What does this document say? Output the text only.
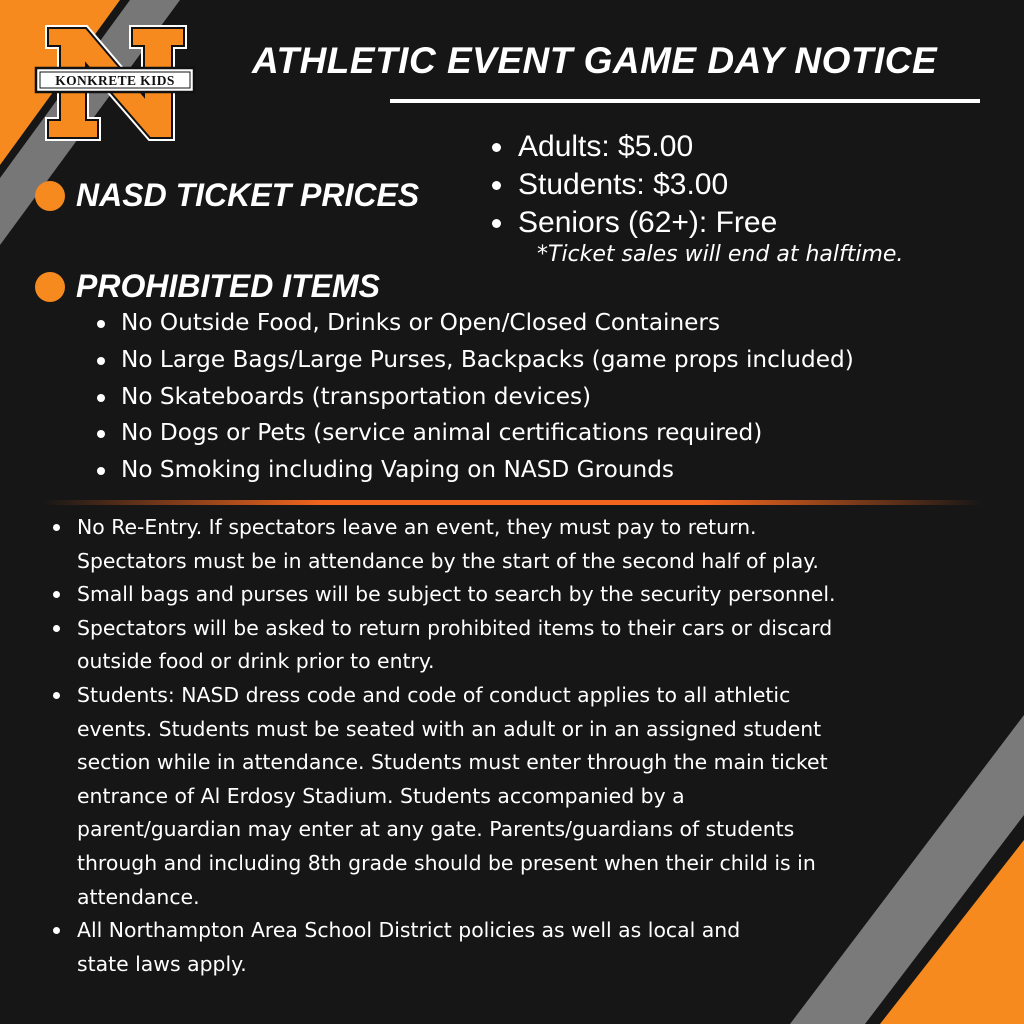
KONKRETE KIDS ATHLETIC EVENT GAME DAY NOTICE
NASD TICKET PRICES
Adults: $5.00
Students: $3.00
Seniors (62+): Free
*Ticket sales will end at halftime.
PROHIBITED ITEMS
No Outside Food, Drinks or Open/Closed Containers
No Large Bags/Large Purses, Backpacks (game props included)
No Skateboards (transportation devices)
No Dogs or Pets (service animal certifications required)
No Smoking including Vaping on NASD Grounds
No Re-Entry. If spectators leave an event, they must pay to return.
Spectators must be in attendance by the start of the second half of play.
Small bags and purses will be subject to search by the security personnel.
Spectators will be asked to return prohibited items to their cars or discard
outside food or drink prior to entry.
Students: NASD dress code and code of conduct applies to all athletic
events. Students must be seated with an adult or in an assigned student
section while in attendance. Students must enter through the main ticket
entrance of Al Erdosy Stadium. Students accompanied by a
parent/guardian may enter at any gate. Parents/guardians of students
through and including 8th grade should be present when their child is in
attendance.
All Northampton Area School District policies as well as local and
state laws apply.
